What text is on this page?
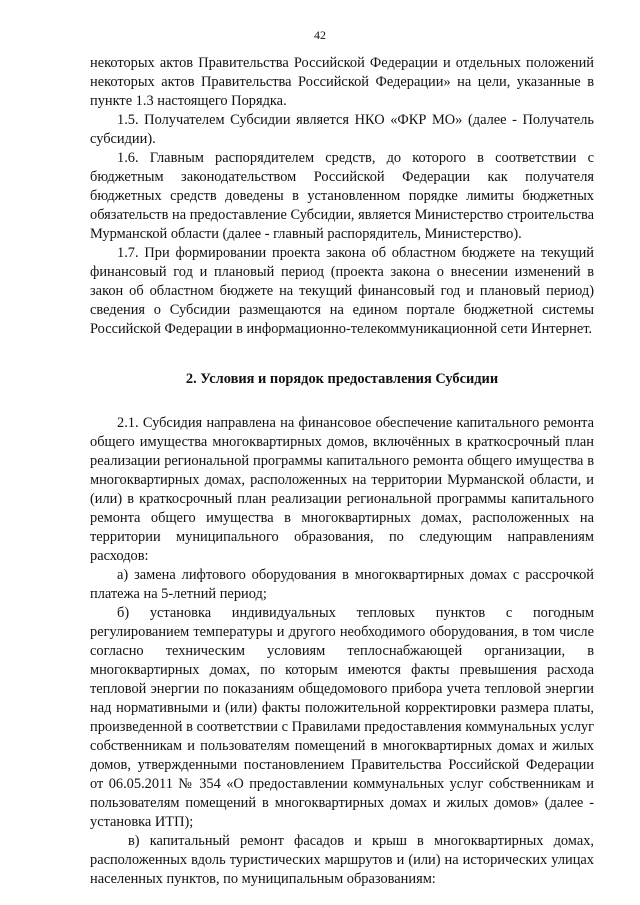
42

некоторых актов Правительства Российской Федерации и отдельных положений некоторых актов Правительства Российской Федерации» на цели, указанные в пункте 1.3 настоящего Порядка.

1.5. Получателем Субсидии является НКО «ФКР МО» (далее - Получатель субсидии).

1.6. Главным распорядителем средств, до которого в соответствии с бюджетным законодательством Российской Федерации как получателя бюджетных средств доведены в установленном порядке лимиты бюджетных обязательств на предоставление Субсидии, является Министерство строительства Мурманской области (далее - главный распорядитель, Министерство).

1.7. При формировании проекта закона об областном бюджете на текущий финансовый год и плановый период (проекта закона о внесении изменений в закон об областном бюджете на текущий финансовый год и плановый период) сведения о Субсидии размещаются на едином портале бюджетной системы Российской Федерации в информационно-телекоммуникационной сети Интернет.

2. Условия и порядок предоставления Субсидии

2.1. Субсидия направлена на финансовое обеспечение капитального ремонта общего имущества многоквартирных домов, включённых в краткосрочный план реализации региональной программы капитального ремонта общего имущества в многоквартирных домах, расположенных на территории Мурманской области, и (или) в краткосрочный план реализации региональной программы капитального ремонта общего имущества в многоквартирных домах, расположенных на территории муниципального образования, по следующим направлениям расходов:

а) замена лифтового оборудования в многоквартирных домах с рассрочкой платежа на 5-летний период;

б) установка индивидуальных тепловых пунктов с погодным регулированием температуры и другого необходимого оборудования, в том числе согласно техническим условиям теплоснабжающей организации, в многоквартирных домах, по которым имеются факты превышения расхода тепловой энергии по показаниям общедомового прибора учета тепловой энергии над нормативными и (или) факты положительной корректировки размера платы, произведенной в соответствии с Правилами предоставления коммунальных услуг собственникам и пользователям помещений в многоквартирных домах и жилых домов, утвержденными постановлением Правительства Российской Федерации от 06.05.2011 № 354 «О предоставлении коммунальных услуг собственникам и пользователям помещений в многоквартирных домах и жилых домов» (далее - установка ИТП);

в) капитальный ремонт фасадов и крыш в многоквартирных домах, расположенных вдоль туристических маршрутов и (или) на исторических улицах населенных пунктов, по муниципальным образованиям:
